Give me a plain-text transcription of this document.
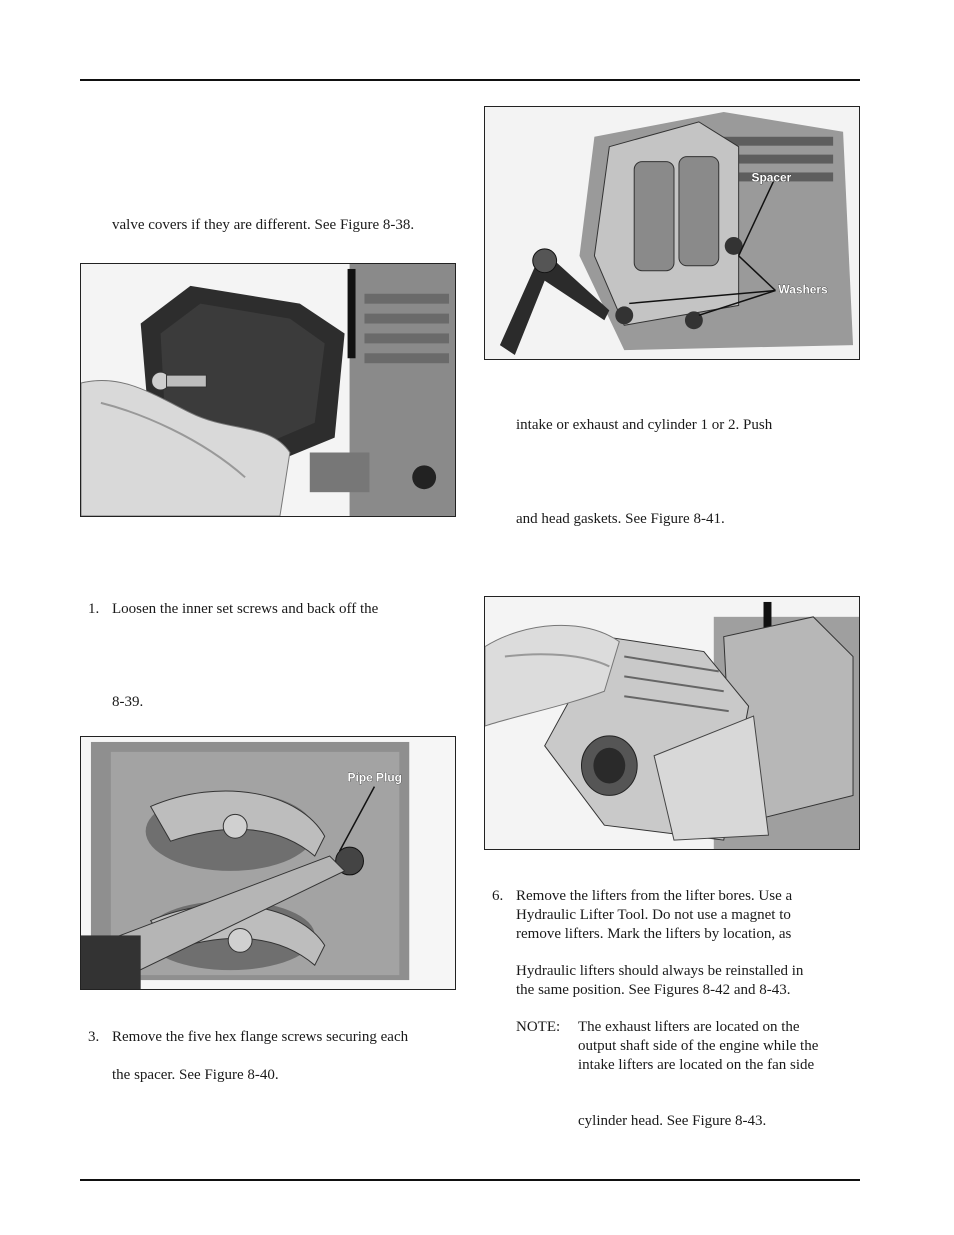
valve covers if they are different. See Figure 8-38.
1. Loosen the inner set screws and back off the
8-39.
Pipe Plug
3. Remove the five hex flange screws securing each
the spacer. See Figure 8-40.
Spacer
Washers
intake or exhaust and cylinder 1 or 2. Push
and head gaskets. See Figure 8-41.
6. Remove the lifters from the lifter bores. Use a
Hydraulic Lifter Tool. Do not use a magnet to
remove lifters. Mark the lifters by location, as
Hydraulic lifters should always be reinstalled in
the same position. See Figures 8-42 and 8-43.
NOTE: The exhaust lifters are located on the
output shaft side of the engine while the
intake lifters are located on the fan side
cylinder head. See Figure 8-43.
